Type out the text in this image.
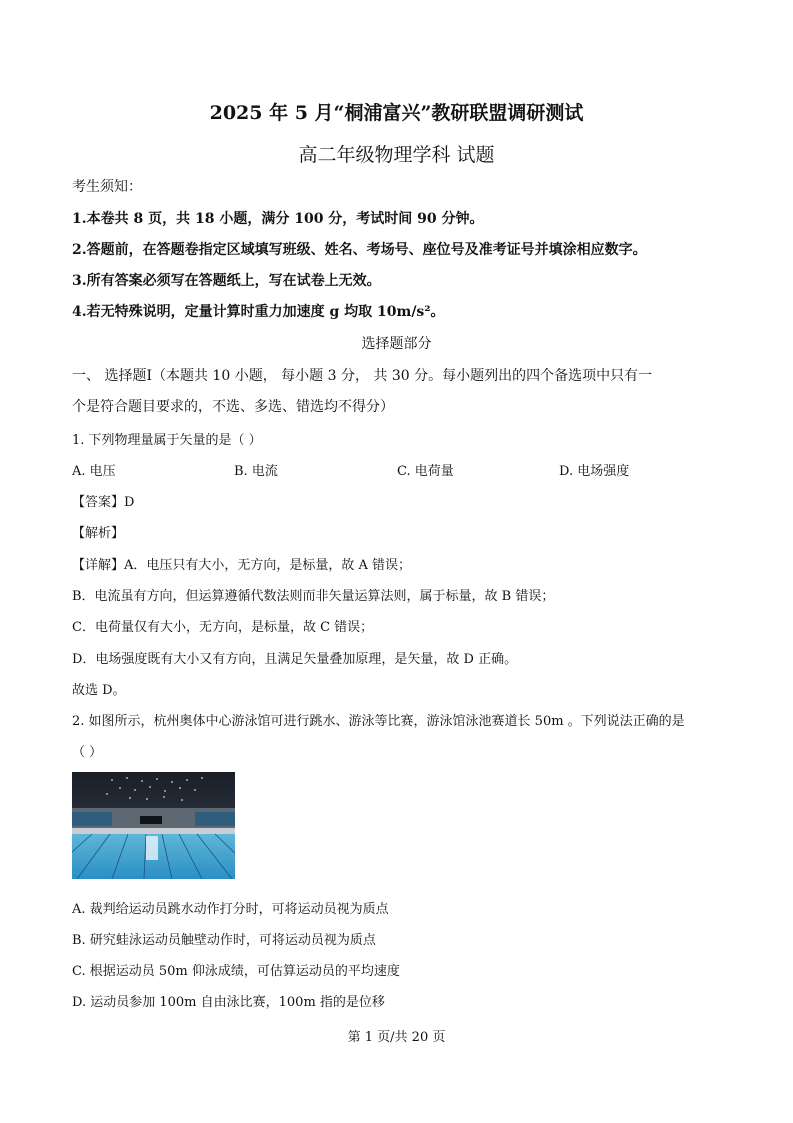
2025 年 5 月“桐浦富兴”教研联盟调研测试
高二年级物理学科 试题
考生须知：
1.本卷共 8 页，共 18 小题，满分 100 分，考试时间 90 分钟。
2.答题前，在答题卷指定区域填写班级、姓名、考场号、座位号及准考证号并填涂相应数字。
3.所有答案必须写在答题纸上，写在试卷上无效。
4.若无特殊说明，定量计算时重力加速度 g 均取 10m/s²。
选择题部分
一、 选择题Ⅰ（本题共 10 小题， 每小题 3 分， 共 30 分。每小题列出的四个备选项中只有一
个是符合题目要求的，不选、多选、错选均不得分）
1. 下列物理量属于矢量的是（ ）
A. 电压	B. 电流	C. 电荷量	D. 电场强度
【答案】D
【解析】
【详解】A．电压只有大小，无方向，是标量，故 A 错误；
B．电流虽有方向，但运算遵循代数法则而非矢量运算法则，属于标量，故 B 错误；
C．电荷量仅有大小，无方向，是标量，故 C 错误；
D．电场强度既有大小又有方向，且满足矢量叠加原理，是矢量，故 D 正确。
故选 D。
2. 如图所示，杭州奥体中心游泳馆可进行跳水、游泳等比赛，游泳馆泳池赛道长 50m 。下列说法正确的是
（ ）
A. 裁判给运动员跳水动作打分时，可将运动员视为质点
B. 研究蛙泳运动员触壁动作时，可将运动员视为质点
C. 根据运动员 50m 仰泳成绩，可估算运动员的平均速度
D. 运动员参加 100m 自由泳比赛，100m 指的是位移
第 1 页/共 20 页
